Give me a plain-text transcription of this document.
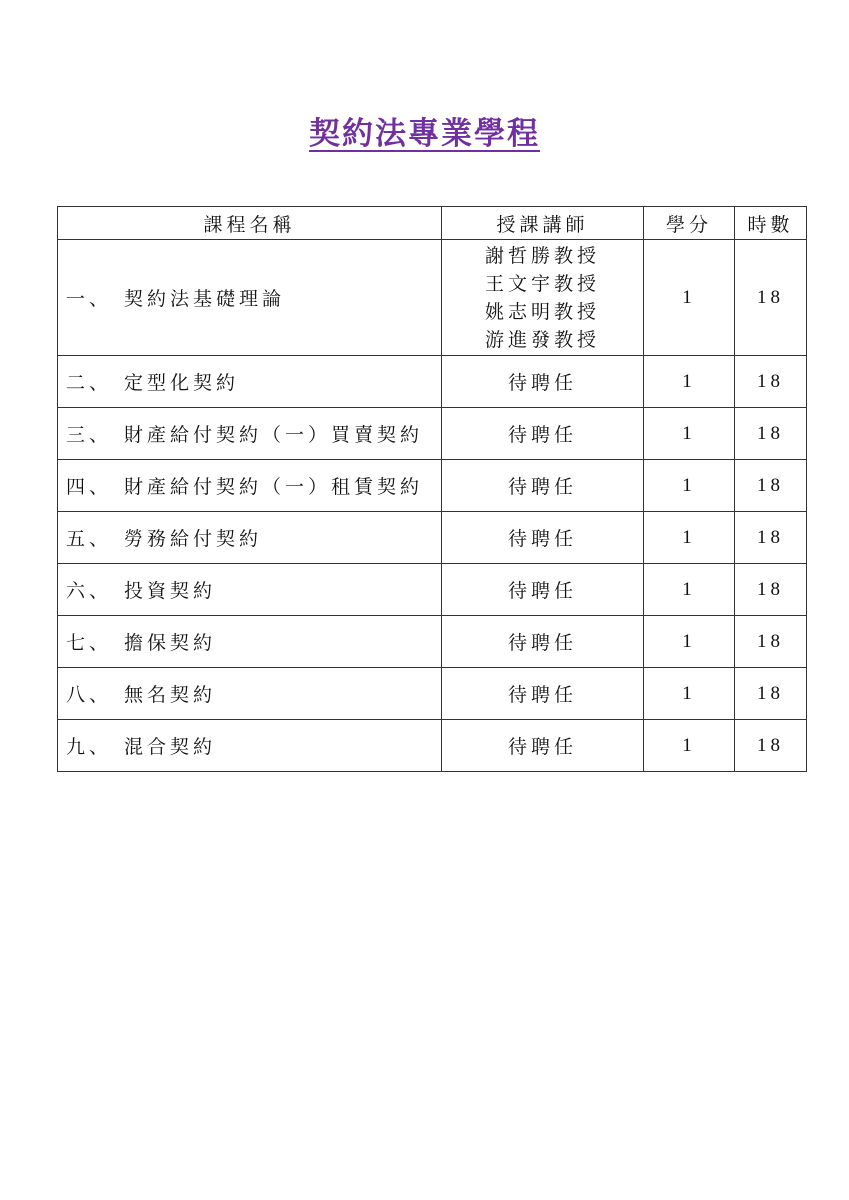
契約法專業學程
課程名稱	授課講師	學分	時數
一、 契約法基礎理論	謝哲勝教授
王文宇教授
姚志明教授
游進發教授	1	18
二、 定型化契約	待聘任	1	18
三、 財產給付契約（一）買賣契約	待聘任	1	18
四、 財產給付契約（一）租賃契約	待聘任	1	18
五、 勞務給付契約	待聘任	1	18
六、 投資契約	待聘任	1	18
七、 擔保契約	待聘任	1	18
八、 無名契約	待聘任	1	18
九、 混合契約	待聘任	1	18
